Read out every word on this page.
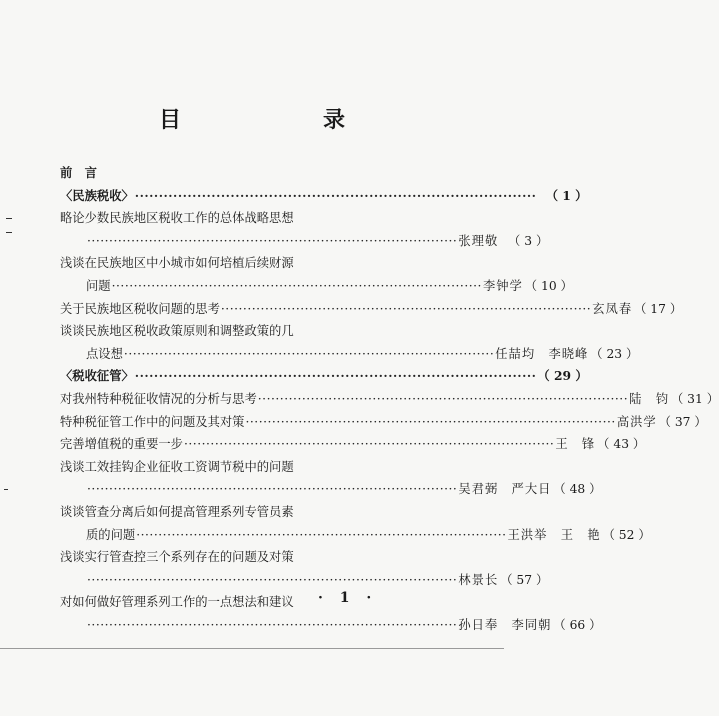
目　录
前　言
〈民族税收〉 ···················································································· （ 1 ）
略论少数民族地区税收工作的总体战略思想
···················································································· 张理敬 （ 3 ）
浅谈在民族地区中小城市如何培植后续财源
问题 ···················································································· 李钟学 （ 10 ）
关于民族地区税收问题的思考 ···················································································· 玄凤春 （ 17 ）
谈谈民族地区税收政策原则和调整政策的几
点设想 ···················································································· 任喆均　李晓峰 （ 23 ）
〈税收征管〉 ···················································································· （ 29 ）
对我州特种税征收情况的分析与思考 ···················································································· 陆　钧 （ 31 ）
特种税征管工作中的问题及其对策 ···················································································· 高洪学 （ 37 ）
完善增值税的重要一步 ···················································································· 王　锋 （ 43 ）
浅谈工效挂钩企业征收工资调节税中的问题
···················································································· 吴君弼　严大日 （ 48 ）
谈谈管查分离后如何提高管理系列专管员素
质的问题 ···················································································· 王洪举　王　艳 （ 52 ）
浅谈实行管查控三个系列存在的问题及对策
···················································································· 林景长 （ 57 ）
对如何做好管理系列工作的一点想法和建议
···················································································· 孙日奉　李同朝 （ 66 ）
· 1 ·
